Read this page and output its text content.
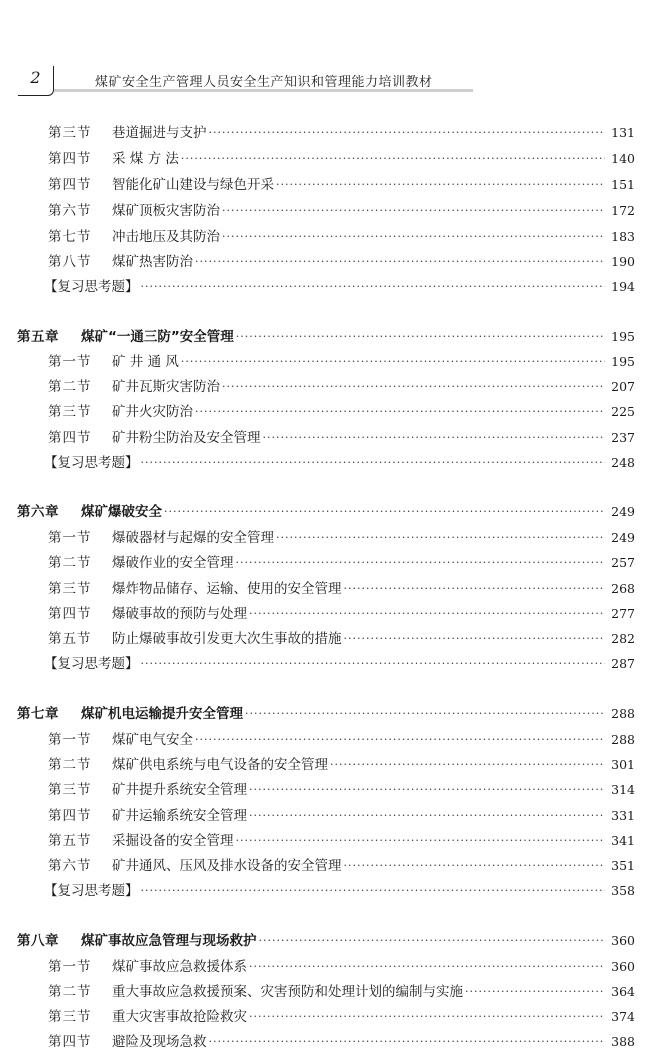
2	煤矿安全生产管理人员安全生产知识和管理能力培训教材
第三节	巷道掘进与支护 ·····	131
第四节	采 煤 方 法 ·····	140
第四节	智能化矿山建设与绿色开采 ·····	151
第六节	煤矿顶板灾害防治 ·····	172
第七节	冲击地压及其防治 ·····	183
第八节	煤矿热害防治 ·····	190
【复习思考题】 ·····	194
第五章	煤矿“一通三防”安全管理 ·····	195
第一节	矿 井 通 风 ·····	195
第二节	矿井瓦斯灾害防治 ·····	207
第三节	矿井火灾防治 ·····	225
第四节	矿井粉尘防治及安全管理 ·····	237
【复习思考题】 ·····	248
第六章	煤矿爆破安全 ·····	249
第一节	爆破器材与起爆的安全管理 ·····	249
第二节	爆破作业的安全管理 ·····	257
第三节	爆炸物品储存、运输、使用的安全管理 ·····	268
第四节	爆破事故的预防与处理 ·····	277
第五节	防止爆破事故引发更大次生事故的措施 ·····	282
【复习思考题】 ·····	287
第七章	煤矿机电运输提升安全管理 ·····	288
第一节	煤矿电气安全 ·····	288
第二节	煤矿供电系统与电气设备的安全管理 ·····	301
第三节	矿井提升系统安全管理 ·····	314
第四节	矿井运输系统安全管理 ·····	331
第五节	采掘设备的安全管理 ·····	341
第六节	矿井通风、压风及排水设备的安全管理 ·····	351
【复习思考题】 ·····	358
第八章	煤矿事故应急管理与现场救护 ·····	360
第一节	煤矿事故应急救援体系 ·····	360
第二节	重大事故应急救援预案、灾害预防和处理计划的编制与实施 ·····	364
第三节	重大灾害事故抢险救灾 ·····	374
第四节	避险及现场急救 ·····	388
